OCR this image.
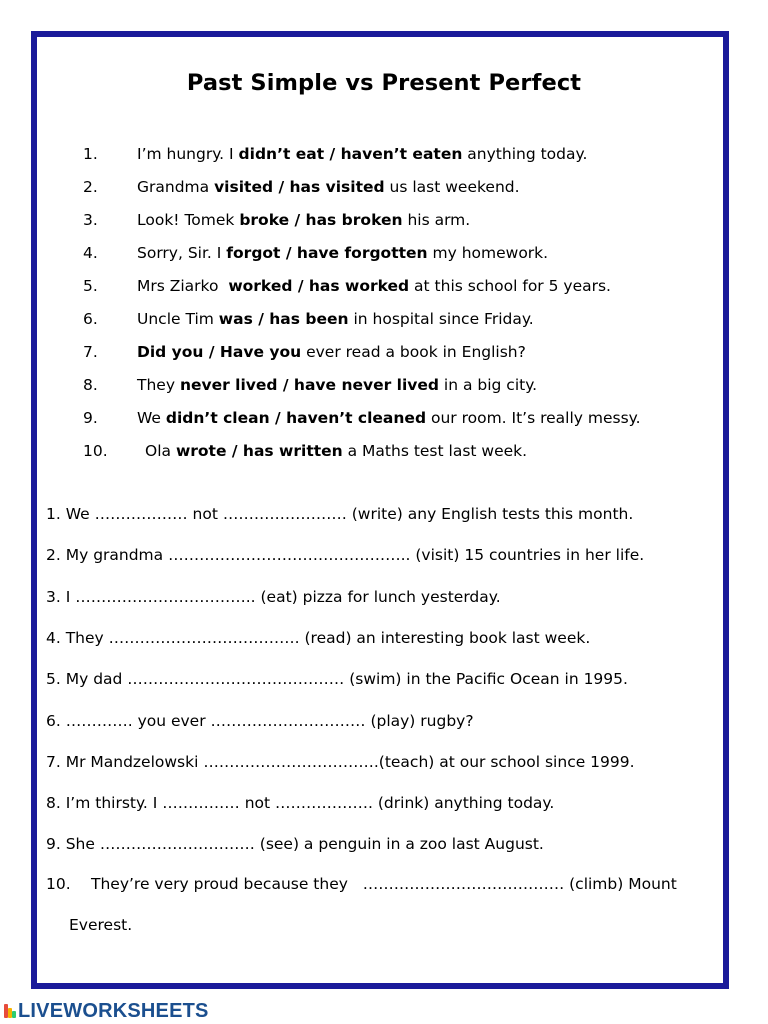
Past Simple vs Present Perfect
1.	I’m hungry. I didn’t eat / haven’t eaten anything today.
2.	Grandma visited / has visited us last weekend.
3.	Look! Tomek broke / has broken his arm.
4.	Sorry, Sir. I forgot / have forgotten my homework.
5.	Mrs Ziarko  worked / has worked at this school for 5 years.
6.	Uncle Tim was / has been in hospital since Friday.
7.	Did you / Have you ever read a book in English?
8.	They never lived / have never lived in a big city.
9.	We didn’t clean / haven’t cleaned our room. It’s really messy.
10. Ola wrote / has written a Maths test last week.
1. We ……………… not …………………… (write) any English tests this month.
2. My grandma ……………………………………….. (visit) 15 countries in her life.
3. I …………………………….. (eat) pizza for lunch yesterday.
4. They ………………………………. (read) an interesting book last week.
5. My dad …………………………………… (swim) in the Pacific Ocean in 1995.
6. …………. you ever ………………………… (play) rugby?
7. Mr Mandzelowski …………………………….(teach) at our school since 1999.
8. I’m thirsty. I …………… not ………………. (drink) anything today.
9. She ………………………… (see) a penguin in a zoo last August.
10. They’re very proud because they   ………………………………… (climb) Mount
Everest.
LIVEWORKSHEETS
